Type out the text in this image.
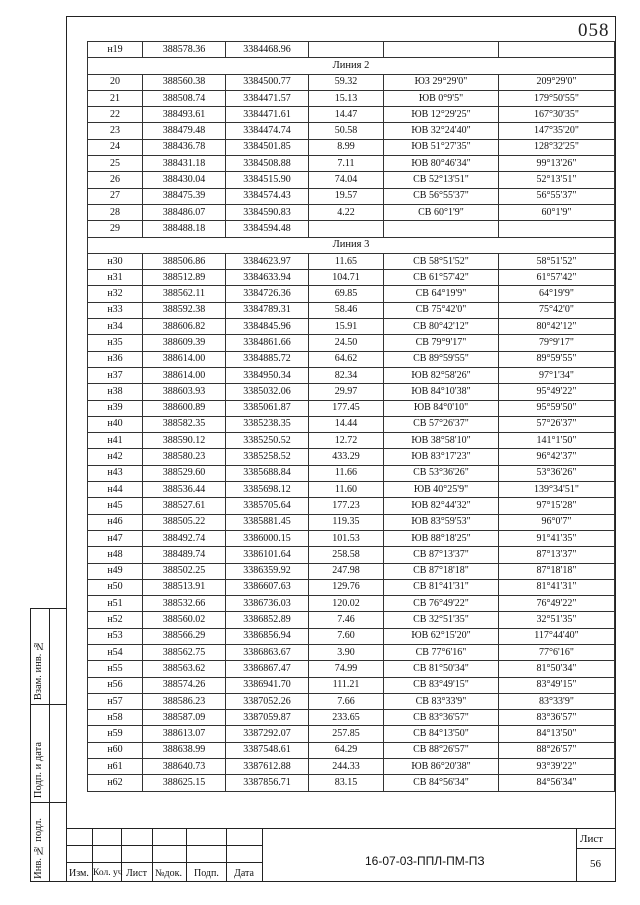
058
н19	388578.36	3384468.96			
Линия 2					
20	388560.38	3384500.77	59.32	ЮЗ 29°29'0"	209°29'0"
21	388508.74	3384471.57	15.13	ЮВ 0°9'5"	179°50'55"
22	388493.61	3384471.61	14.47	ЮВ 12°29'25"	167°30'35"
23	388479.48	3384474.74	50.58	ЮВ 32°24'40"	147°35'20"
24	388436.78	3384501.85	8.99	ЮВ 51°27'35"	128°32'25"
25	388431.18	3384508.88	7.11	ЮВ 80°46'34"	99°13'26"
26	388430.04	3384515.90	74.04	СВ 52°13'51"	52°13'51"
27	388475.39	3384574.43	19.57	СВ 56°55'37"	56°55'37"
28	388486.07	3384590.83	4.22	СВ 60°1'9"	60°1'9"
29	388488.18	3384594.48			
Линия 3					
н30	388506.86	3384623.97	11.65	СВ 58°51'52"	58°51'52"
н31	388512.89	3384633.94	104.71	СВ 61°57'42"	61°57'42"
н32	388562.11	3384726.36	69.85	СВ 64°19'9"	64°19'9"
н33	388592.38	3384789.31	58.46	СВ 75°42'0"	75°42'0"
н34	388606.82	3384845.96	15.91	СВ 80°42'12"	80°42'12"
н35	388609.39	3384861.66	24.50	СВ 79°9'17"	79°9'17"
н36	388614.00	3384885.72	64.62	СВ 89°59'55"	89°59'55"
н37	388614.00	3384950.34	82.34	ЮВ 82°58'26"	97°1'34"
н38	388603.93	3385032.06	29.97	ЮВ 84°10'38"	95°49'22"
н39	388600.89	3385061.87	177.45	ЮВ 84°0'10"	95°59'50"
н40	388582.35	3385238.35	14.44	СВ 57°26'37"	57°26'37"
н41	388590.12	3385250.52	12.72	ЮВ 38°58'10"	141°1'50"
н42	388580.23	3385258.52	433.29	ЮВ 83°17'23"	96°42'37"
н43	388529.60	3385688.84	11.66	СВ 53°36'26"	53°36'26"
н44	388536.44	3385698.12	11.60	ЮВ 40°25'9"	139°34'51"
н45	388527.61	3385705.64	177.23	ЮВ 82°44'32"	97°15'28"
н46	388505.22	3385881.45	119.35	ЮВ 83°59'53"	96°0'7"
н47	388492.74	3386000.15	101.53	ЮВ 88°18'25"	91°41'35"
н48	388489.74	3386101.64	258.58	СВ 87°13'37"	87°13'37"
н49	388502.25	3386359.92	247.98	СВ 87°18'18"	87°18'18"
н50	388513.91	3386607.63	129.76	СВ 81°41'31"	81°41'31"
н51	388532.66	3386736.03	120.02	СВ 76°49'22"	76°49'22"
н52	388560.02	3386852.89	7.46	СВ 32°51'35"	32°51'35"
н53	388566.29	3386856.94	7.60	ЮВ 62°15'20"	117°44'40"
н54	388562.75	3386863.67	3.90	СВ 77°6'16"	77°6'16"
н55	388563.62	3386867.47	74.99	СВ 81°50'34"	81°50'34"
н56	388574.26	3386941.70	111.21	СВ 83°49'15"	83°49'15"
н57	388586.23	3387052.26	7.66	СВ 83°33'9"	83°33'9"
н58	388587.09	3387059.87	233.65	СВ 83°36'57"	83°36'57"
н59	388613.07	3387292.07	257.85	СВ 84°13'50"	84°13'50"
н60	388638.99	3387548.61	64.29	СВ 88°26'57"	88°26'57"
н61	388640.73	3387612.88	244.33	ЮВ 86°20'38"	93°39'22"
н62	388625.15	3387856.71	83.15	СВ 84°56'34"	84°56'34"
Взам. инв. №
Подп. и дата
Инв. № подл.	Изм. Кол. уч Лист №док. Подп. Дата
16-07-03-ППЛ-ПМ-ПЗ
Лист
56
